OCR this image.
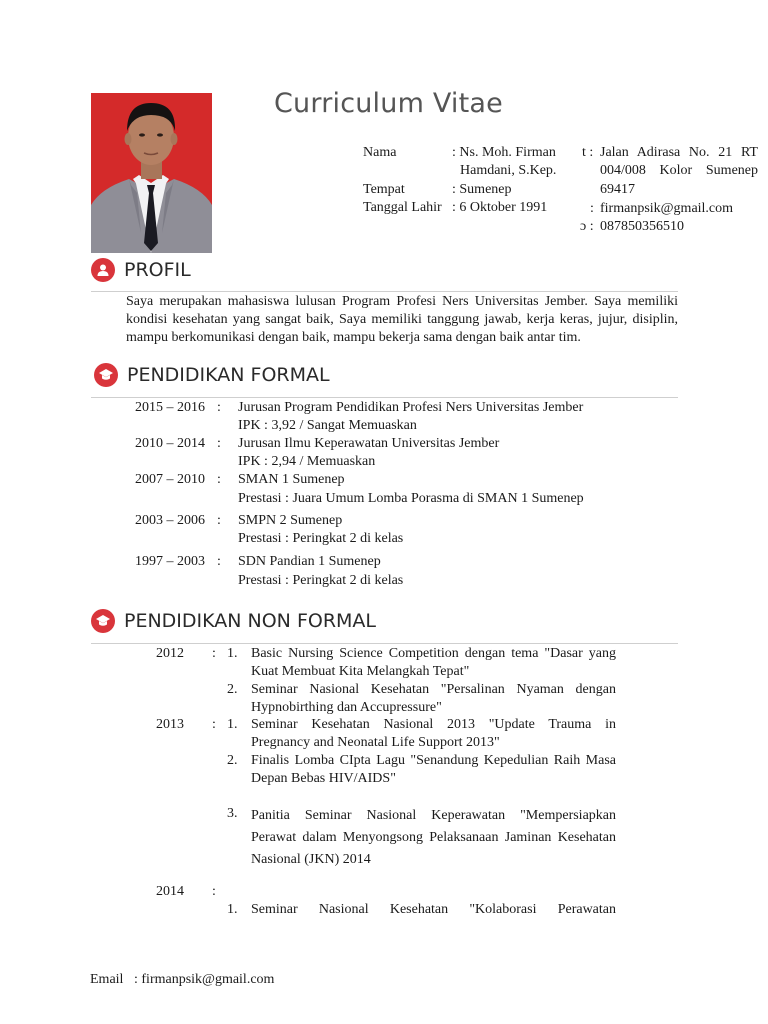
Curriculum Vitae
Nama	: Ns. Moh. Firman
Hamdani, S.Kep.
Tempat	: Sumenep
Tanggal Lahir : 6 Oktober 1991
t : Jalan Adirasa No. 21 RT
004/008 Kolor Sumenep
69417
: firmanpsik@gmail.com
ɔ : 087850356510
PROFIL
Saya merupakan mahasiswa lulusan Program Profesi Ners Universitas Jember. Saya memiliki kondisi kesehatan yang sangat baik, Saya memiliki tanggung jawab, kerja keras, jujur, disiplin, mampu berkomunikasi dengan baik, mampu bekerja sama dengan baik antar tim.
PENDIDIKAN FORMAL
2015 – 2016 : Jurusan Program Pendidikan Profesi Ners Universitas Jember
IPK : 3,92 / Sangat Memuaskan
2010 – 2014 : Jurusan Ilmu Keperawatan Universitas Jember
IPK : 2,94 / Memuaskan
2007 – 2010 : SMAN 1 Sumenep
Prestasi : Juara Umum Lomba Porasma di SMAN 1 Sumenep
2003 – 2006 : SMPN 2 Sumenep
Prestasi : Peringkat 2 di kelas
1997 – 2003 : SDN Pandian 1 Sumenep
Prestasi : Peringkat 2 di kelas
PENDIDIKAN NON FORMAL
2012 : 1. Basic Nursing Science Competition dengan tema "Dasar yang Kuat Membuat Kita Melangkah Tepat"
2. Seminar Nasional Kesehatan "Persalinan Nyaman dengan Hypnobirthing dan Accupressure"
2013 : 1. Seminar Kesehatan Nasional 2013 "Update Trauma in Pregnancy and Neonatal Life Support 2013"
2. Finalis Lomba CIpta Lagu "Senandung Kepedulian Raih Masa Depan Bebas HIV/AIDS"
3. Panitia Seminar Nasional Keperawatan "Mempersiapkan Perawat dalam Menyongsong Pelaksanaan Jaminan Kesehatan Nasional (JKN) 2014
2014 :
1. Seminar Nasional Kesehatan "Kolaborasi Perawatan
Email : firmanpsik@gmail.com
